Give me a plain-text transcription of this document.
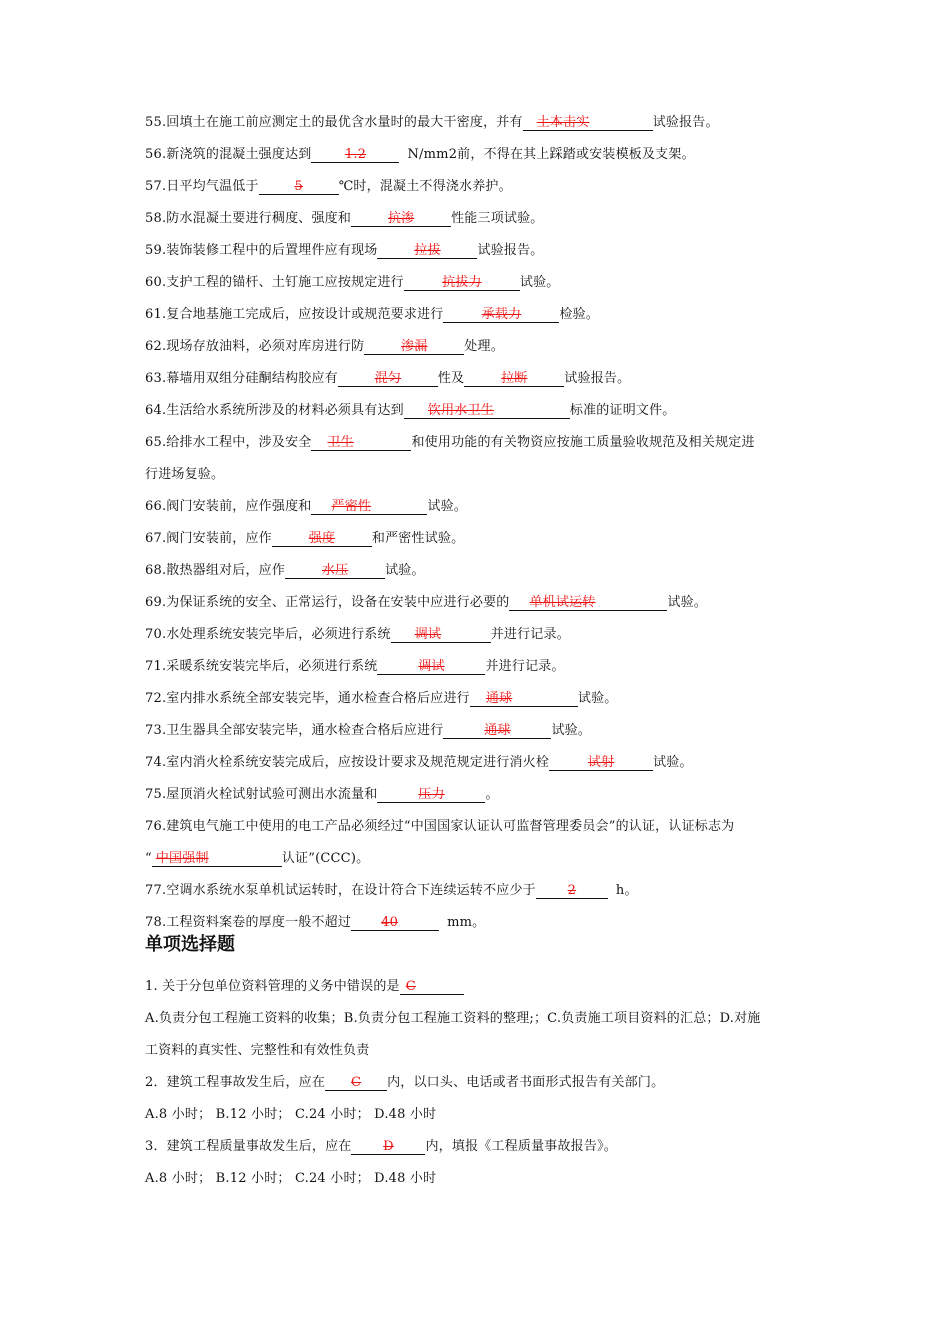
55.回填土在施工前应测定土的最优含水量时的最大干密度，并有 土本击实	试验报告。
56.新浇筑的混凝土强度达到	1.2	N/mm2前，不得在其上踩踏或安装模板及支架。
57.日平均气温低于	5	℃时，混凝土不得浇水养护。
58.防水混凝土要进行稠度、强度和	抗渗	性能三项试验。
59.装饰装修工程中的后置埋件应有现场	拉拔	试验报告。
60.支护工程的锚杆、土钉施工应按规定进行	抗拔力	试验。
61.复合地基施工完成后，应按设计或规范要求进行	承载力	检验。
62.现场存放油料，必须对库房进行防	渗漏	处理。
63.幕墙用双组分硅酮结构胶应有	混匀	性及	拉断	试验报告。
64.生活给水系统所涉及的材料必须具有达到 饮用水卫生	标准的证明文件。
65.给排水工程中，涉及安全 卫生	和使用功能的有关物资应按施工质量验收规范及相关规定进
行进场复验。
66.阀门安装前，应作强度和 严密性	试验。
67.阀门安装前，应作	强度	和严密性试验。
68.散热器组对后，应作	水压	试验。
69.为保证系统的安全、正常运行，设备在安装中应进行必要的 单机试运转	试验。
70.水处理系统安装完毕后，必须进行系统 调试	并进行记录。
71.采暖系统安装完毕后，必须进行系统	调试	并进行记录。
72.室内排水系统全部安装完毕，通水检查合格后应进行 通球	试验。
73.卫生器具全部安装完毕，通水检查合格后应进行	通球	试验。
74.室内消火栓系统安装完成后，应按设计要求及规范规定进行消火栓	试射	试验。
75.屋顶消火栓试射试验可测出水流量和	压力	。
76.建筑电气施工中使用的电工产品必须经过“中国国家认证认可监督管理委员会”的认证，认证标志为
“ 中国强制	认证”(CCC)。
77.空调水系统水泵单机试运转时，在设计符合下连续运转不应少于 2	h。
78.工程资料案卷的厚度一般不超过 40	mm。
单项选择题
1. 关于分包单位资料管理的义务中错误的是 C
A.负责分包工程施工资料的收集；B.负责分包工程施工资料的整理;；C.负责施工项目资料的汇总；D.对施
工资料的真实性、完整性和有效性负责
2．建筑工程事故发生后，应在 C 内，以口头、电话或者书面形式报告有关部门。
A.8 小时； B.12 小时； C.24 小时； D.48 小时
3．建筑工程质量事故发生后，应在 D 内，填报《工程质量事故报告》。
A.8 小时； B.12 小时； C.24 小时； D.48 小时
